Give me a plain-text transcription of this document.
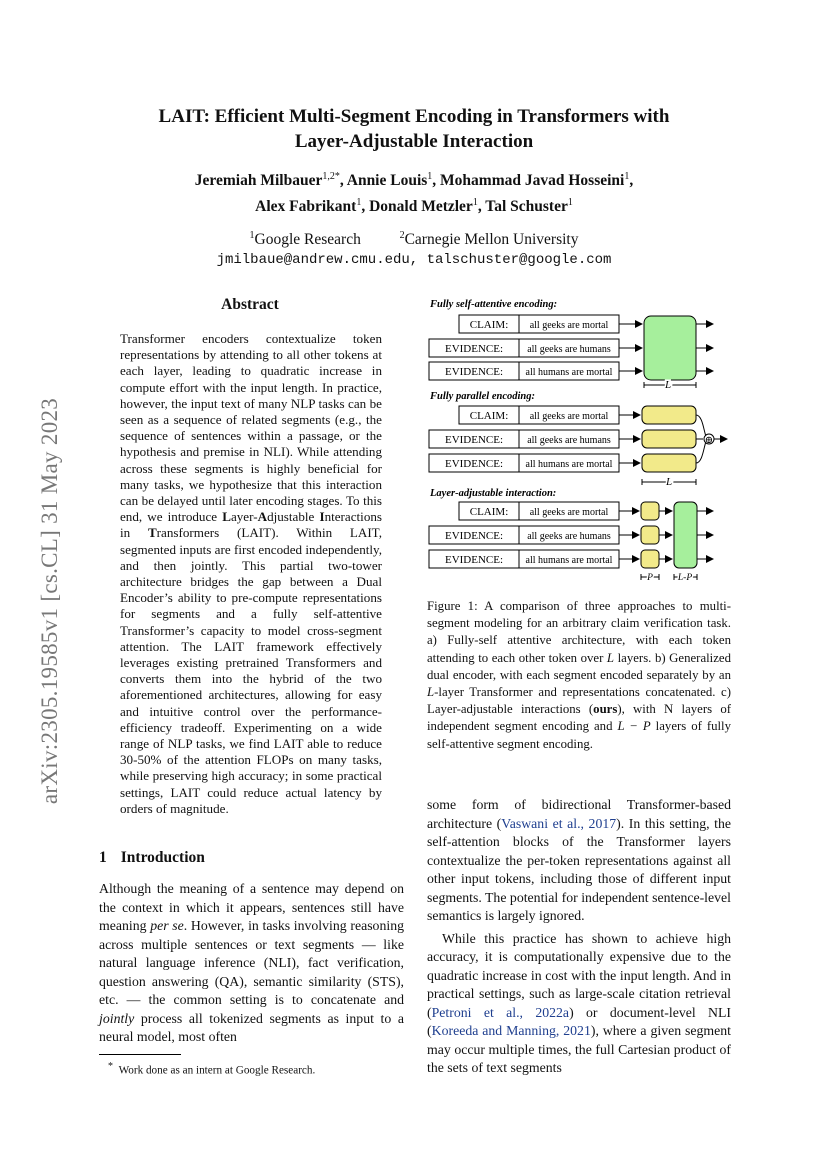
LAIT: Efficient Multi-Segment Encoding in Transformers with
Layer-Adjustable Interaction
Jeremiah Milbauer$^{1,2*}$, Annie Louis$^1$, Mohammad Javad Hosseini$^1$,
Alex Fabrikant$^1$, Donald Metzler$^1$, Tal Schuster$^1$
$^1$Google Research	$^2$Carnegie Mellon University
jmilbaue@andrew.cmu.edu, talschuster@google.com
arXiv:2305.19585v1 [cs.CL] 31 May 2023
Abstract
Transformer encoders contextualize token representations by attending to all other tokens at each layer, leading to quadratic increase in compute effort with the input length. In practice, however, the input text of many NLP tasks can be seen as a sequence of related segments (e.g., the sequence of sentences within a passage, or the hypothesis and premise in NLI). While attending across these segments is highly beneficial for many tasks, we hypothesize that this interaction can be delayed until later encoding stages. To this end, we introduce Layer-Adjustable Interactions in Transformers (LAIT). Within LAIT, segmented inputs are first encoded independently, and then jointly. This partial two-tower architecture bridges the gap between a Dual Encoder’s ability to pre-compute representations for segments and a fully self-attentive Transformer’s capacity to model cross-segment attention. The LAIT framework effectively leverages existing pretrained Transformers and converts them into the hybrid of the two aforementioned architectures, allowing for easy and intuitive control over the performance-efficiency tradeoff. Experimenting on a wide range of NLP tasks, we find LAIT able to reduce 30-50% of the attention FLOPs on many tasks, while preserving high accuracy; in some practical settings, LAIT could reduce actual latency by orders of magnitude.
1 Introduction
Although the meaning of a sentence may depend on the context in which it appears, sentences still have meaning per se. However, in tasks involving reasoning across multiple sentences or text segments — like natural language inference (NLI), fact verification, question answering (QA), semantic similarity (STS), etc. — the common setting is to concatenate and jointly process all tokenized segments as input to a neural model, most often
* Work done as an intern at Google Research.

some form of bidirectional Transformer-based architecture (Vaswani et al., 2017). In this setting, the self-attention blocks of the Transformer layers contextualize the per-token representations against all other input tokens, including those of different input segments. The potential for independent sentence-level semantics is largely ignored.

While this practice has shown to achieve high accuracy, it is computationally expensive due to the quadratic increase in cost with the input length. And in practical settings, such as large-scale citation retrieval (Petroni et al., 2022a) or document-level NLI (Koreeda and Manning, 2021), where a given segment may occur multiple times, the full Cartesian product of the sets of text segments

Fully self-attentive encoding:
CLAIM: all geeks are mortal
EVIDENCE: all geeks are humans
EVIDENCE: all humans are mortal
L
Fully parallel encoding:
CLAIM: all geeks are mortal
EVIDENCE: all geeks are humans
EVIDENCE: all humans are mortal
⊕
L
Layer-adjustable interaction:
CLAIM: all geeks are mortal
EVIDENCE: all geeks are humans
EVIDENCE: all humans are mortal
P	L-P
Figure 1: A comparison of three approaches to multi-segment modeling for an arbitrary claim verification task. a) Fully-self attentive architecture, with each token attending to each other token over L layers. b) Generalized dual encoder, with each segment encoded separately by an L-layer Transformer and representations concatenated. c) Layer-adjustable interactions (ours), with N layers of independent segment encoding and L − P layers of fully self-attentive segment encoding.
